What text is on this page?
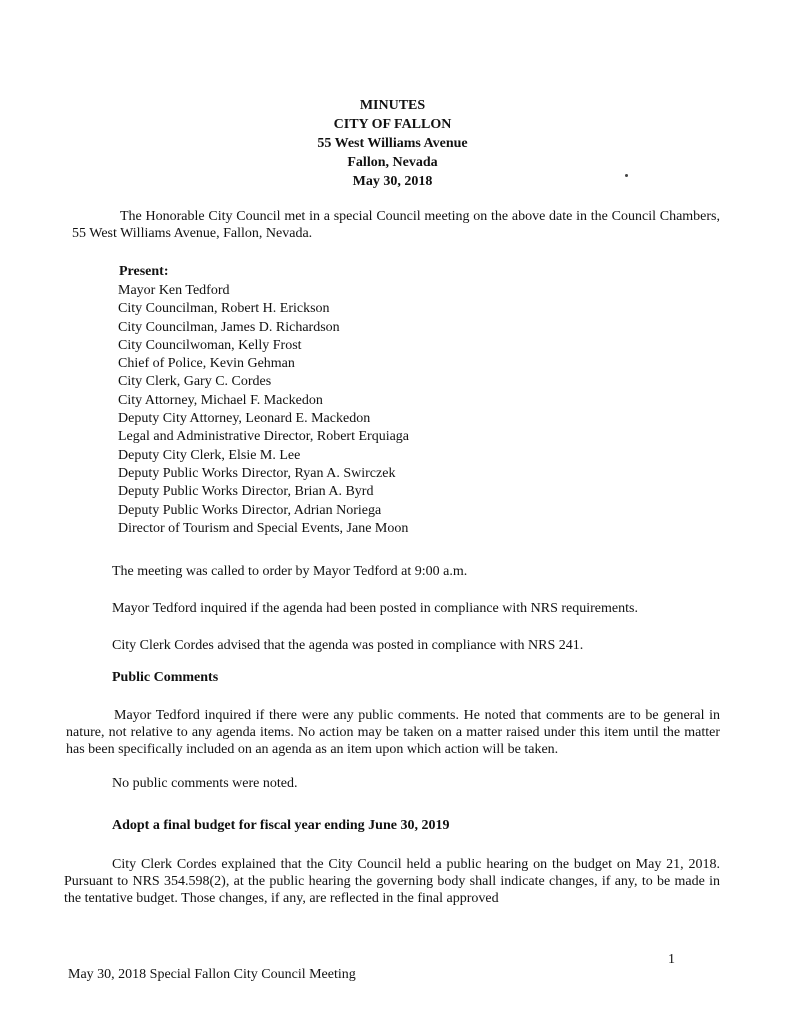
MINUTES
CITY OF FALLON
55 West Williams Avenue
Fallon, Nevada
May 30, 2018

The Honorable City Council met in a special Council meeting on the above date in the Council Chambers, 55 West Williams Avenue, Fallon, Nevada.

Present:

Mayor Ken Tedford
City Councilman, Robert H. Erickson
City Councilman, James D. Richardson
City Councilwoman, Kelly Frost
Chief of Police, Kevin Gehman
City Clerk, Gary C. Cordes
City Attorney, Michael F. Mackedon
Deputy City Attorney, Leonard E. Mackedon
Legal and Administrative Director, Robert Erquiaga
Deputy City Clerk, Elsie M. Lee
Deputy Public Works Director, Ryan A. Swirczek
Deputy Public Works Director, Brian A. Byrd
Deputy Public Works Director, Adrian Noriega
Director of Tourism and Special Events, Jane Moon

The meeting was called to order by Mayor Tedford at 9:00 a.m.

Mayor Tedford inquired if the agenda had been posted in compliance with NRS requirements.

City Clerk Cordes advised that the agenda was posted in compliance with NRS 241.

Public Comments

Mayor Tedford inquired if there were any public comments. He noted that comments are to be general in nature, not relative to any agenda items. No action may be taken on a matter raised under this item until the matter has been specifically included on an agenda as an item upon which action will be taken.

No public comments were noted.

Adopt a final budget for fiscal year ending June 30, 2019

City Clerk Cordes explained that the City Council held a public hearing on the budget on May 21, 2018. Pursuant to NRS 354.598(2), at the public hearing the governing body shall indicate changes, if any, to be made in the tentative budget. Those changes, if any, are reflected in the final approved

1

May 30, 2018 Special Fallon City Council Meeting
